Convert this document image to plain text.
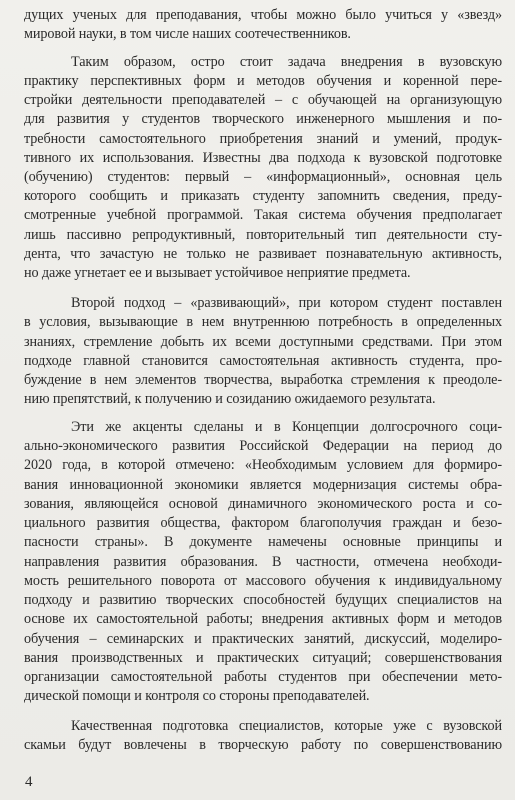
дущих ученых для преподавания, чтобы можно было учиться у «звезд»
мировой науки, в том числе наших соотечественников.
Таким образом, остро стоит задача внедрения в вузовскую
практику перспективных форм и методов обучения и коренной пере-
стройки деятельности преподавателей – с обучающей на организующую
для развития у студентов творческого инженерного мышления и по-
требности самостоятельного приобретения знаний и умений, продук-
тивного их использования. Известны два подхода к вузовской подготовке
(обучению) студентов: первый – «информационный», основная цель
которого сообщить и приказать студенту запомнить сведения, преду-
смотренные учебной программой. Такая система обучения предполагает
лишь пассивно репродуктивный, повторительный тип деятельности сту-
дента, что зачастую не только не развивает познавательную активность,
но даже угнетает ее и вызывает устойчивое неприятие предмета.
Второй подход – «развивающий», при котором студент поставлен
в условия, вызывающие в нем внутреннюю потребность в определенных
знаниях, стремление добыть их всеми доступными средствами. При этом
подходе главной становится самостоятельная активность студента, про-
буждение в нем элементов творчества, выработка стремления к преодоле-
нию препятствий, к получению и созиданию ожидаемого результата.
Эти же акценты сделаны и в Концепции долгосрочного соци-
ально-экономического развития Российской Федерации на период до
2020 года, в которой отмечено: «Необходимым условием для формиро-
вания инновационной экономики является модернизация системы обра-
зования, являющейся основой динамичного экономического роста и со-
циального развития общества, фактором благополучия граждан и безо-
пасности страны». В документе намечены основные принципы и
направления развития образования. В частности, отмечена необходи-
мость решительного поворота от массового обучения к индивидуальному
подходу и развитию творческих способностей будущих специалистов на
основе их самостоятельной работы; внедрения активных форм и методов
обучения – семинарских и практических занятий, дискуссий, моделиро-
вания производственных и практических ситуаций; совершенствования
организации самостоятельной работы студентов при обеспечении мето-
дической помощи и контроля со стороны преподавателей.
Качественная подготовка специалистов, которые уже с вузовской
скамьи будут вовлечены в творческую работу по совершенствованию
4
